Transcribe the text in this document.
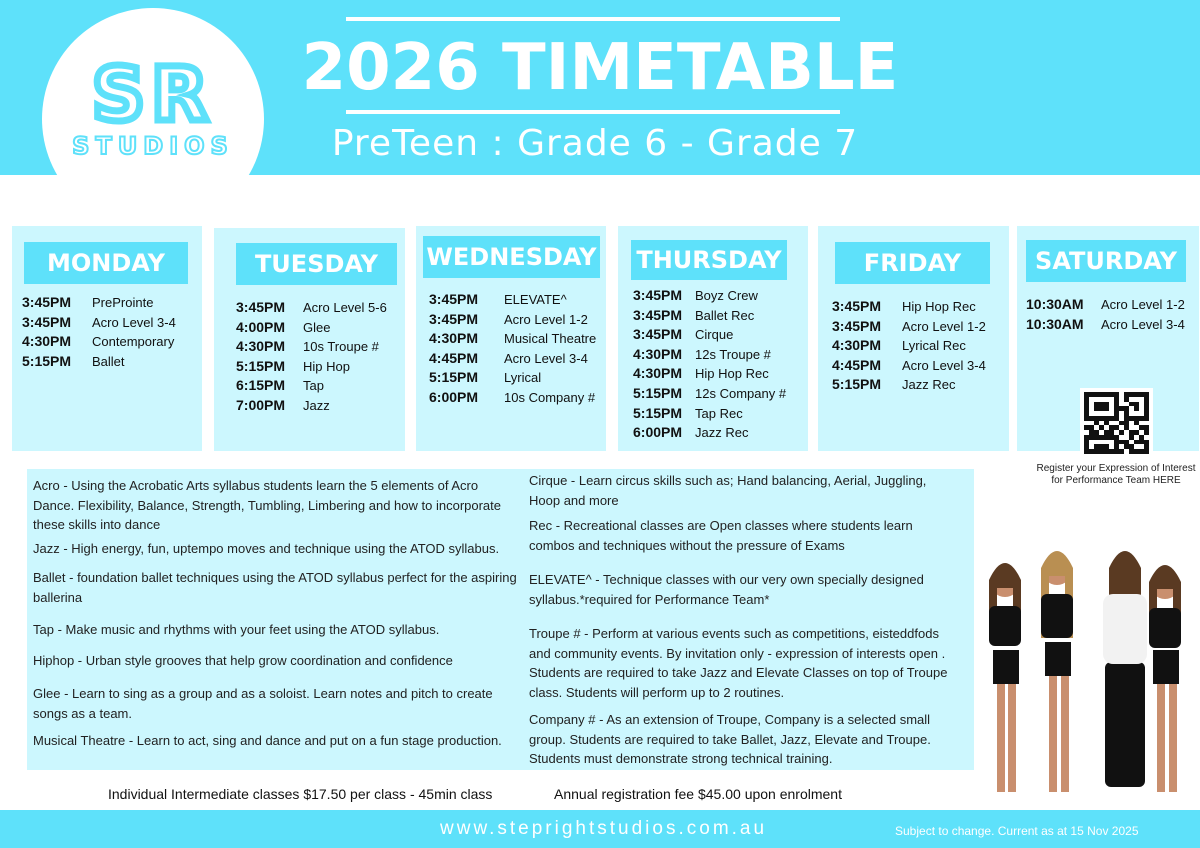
SR
STUDIOS
2026 TIMETABLE
PreTeen : Grade 6 - Grade 7
MONDAY
3:45PM PreProinte
3:45PM Acro Level 3-4
4:30PM Contemporary
5:15PM Ballet
TUESDAY
3:45PM Acro Level 5-6
4:00PM Glee
4:30PM 10s Troupe #
5:15PM Hip Hop
6:15PM Tap
7:00PM Jazz
WEDNESDAY
3:45PM ELEVATE^
3:45PM Acro Level 1-2
4:30PM Musical Theatre
4:45PM Acro Level 3-4
5:15PM Lyrical
6:00PM 10s Company #
THURSDAY
3:45PM Boyz Crew
3:45PM Ballet Rec
3:45PM Cirque
4:30PM 12s Troupe #
4:30PM Hip Hop Rec
5:15PM 12s Company #
5:15PM Tap Rec
6:00PM Jazz Rec
FRIDAY
3:45PM Hip Hop Rec
3:45PM Acro Level 1-2
4:30PM Lyrical Rec
4:45PM Acro Level 3-4
5:15PM Jazz Rec
SATURDAY
10:30AM Acro Level 1-2
10:30AM Acro Level 3-4
Register your Expression of Interest for Performance Team HERE

Acro - Using the Acrobatic Arts syllabus students learn the 5 elements of Acro Dance. Flexibility, Balance, Strength, Tumbling, Limbering and how to incorporate these skills into dance

Jazz - High energy, fun, uptempo moves and technique using the ATOD syllabus.

Ballet - foundation ballet techniques using the ATOD syllabus perfect for the aspiring ballerina

Tap - Make music and rhythms with your feet using the ATOD syllabus.

Hiphop - Urban style grooves that help grow coordination and confidence

Glee - Learn to sing as a group and as a soloist. Learn notes and pitch to create songs as a team.

Musical Theatre - Learn to act, sing and dance and put on a fun stage production.

Cirque - Learn circus skills such as; Hand balancing, Aerial, Juggling, Hoop and more

Rec - Recreational classes are Open classes where students learn combos and techniques without the pressure of Exams

ELEVATE^ - Technique classes with our very own specially designed syllabus.*required for Performance Team*

Troupe # - Perform at various events such as competitions, eisteddfods and community events. By invitation only - expression of interests open . Students are required to take Jazz and Elevate Classes on top of Troupe class. Students will perform up to 2 routines.

Company # - As an extension of Troupe, Company is a selected small group. Students are required to take Ballet, Jazz, Elevate and Troupe. Students must demonstrate strong technical training.

Individual Intermediate classes $17.50 per class - 45min class	Annual registration fee $45.00 upon enrolment
www.steprightstudios.com.au	Subject to change. Current as at 15 Nov 2025
